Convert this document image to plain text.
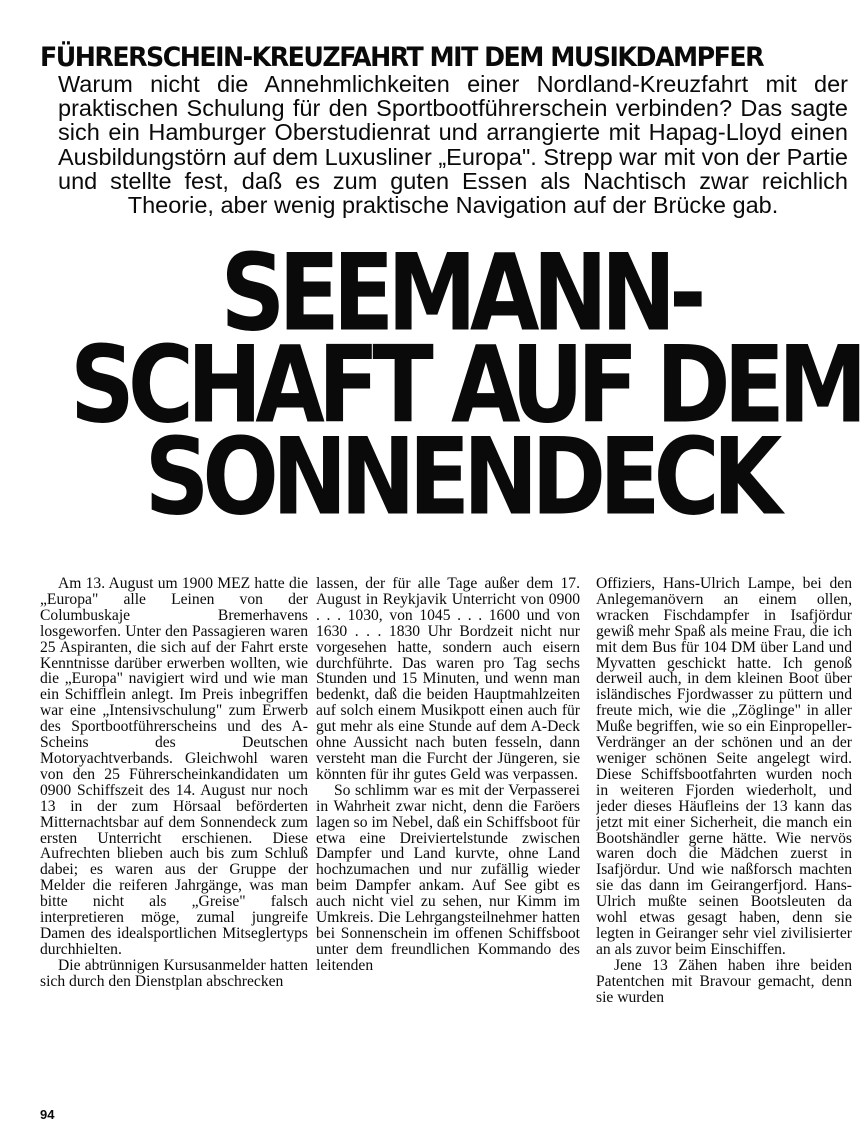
FÜHRERSCHEIN-KREUZFAHRT MIT DEM MUSIKDAMPFER
Warum nicht die Annehmlichkeiten einer Nordland-Kreuzfahrt mit der praktischen Schulung für den Sportbootführerschein verbinden? Das sagte sich ein Hamburger Oberstudienrat und arrangierte mit Hapag-Lloyd einen Ausbildungstörn auf dem Luxusliner „Europa". Strepp war mit von der Partie und stellte fest, daß es zum guten Essen als Nachtisch zwar reichlich Theorie, aber wenig praktische Navigation auf der Brücke gab.
SEEMANN-
SCHAFT AUF DEM
SONNENDECK

Am 13. August um 1900 MEZ hatte die „Europa" alle Leinen von der Columbuskaje Bremerhavens losgeworfen. Unter den Passagieren waren 25 Aspiranten, die sich auf der Fahrt erste Kenntnisse darüber erwerben wollten, wie die „Europa" navigiert wird und wie man ein Schifflein anlegt. Im Preis inbegriffen war eine „Intensivschulung" zum Erwerb des Sportbootführerscheins und des A-Scheins des Deutschen Motoryachtverbands. Gleichwohl waren von den 25 Führerscheinkandidaten um 0900 Schiffszeit des 14. August nur noch 13 in der zum Hörsaal beförderten Mitternachtsbar auf dem Sonnendeck zum ersten Unterricht erschienen. Diese Aufrechten blieben auch bis zum Schluß dabei; es waren aus der Gruppe der Melder die reiferen Jahrgänge, was man bitte nicht als „Greise" falsch interpretieren möge, zumal jungreife Damen des idealsportlichen Mitseglertyps durchhielten.

Die abtrünnigen Kursusanmelder hatten sich durch den Dienstplan abschrecken

lassen, der für alle Tage außer dem 17. August in Reykjavik Unterricht von 0900 . . . 1030, von 1045 . . . 1600 und von 1630 . . . 1830 Uhr Bordzeit nicht nur vorgesehen hatte, sondern auch eisern durchführte. Das waren pro Tag sechs Stunden und 15 Minuten, und wenn man bedenkt, daß die beiden Hauptmahlzeiten auf solch einem Musikpott einen auch für gut mehr als eine Stunde auf dem A-Deck ohne Aussicht nach buten fesseln, dann versteht man die Furcht der Jüngeren, sie könnten für ihr gutes Geld was verpassen.

So schlimm war es mit der Verpasserei in Wahrheit zwar nicht, denn die Faröers lagen so im Nebel, daß ein Schiffsboot für etwa eine Dreiviertelstunde zwischen Dampfer und Land kurvte, ohne Land hochzumachen und nur zufällig wieder beim Dampfer ankam. Auf See gibt es auch nicht viel zu sehen, nur Kimm im Umkreis. Die Lehrgangsteilnehmer hatten bei Sonnenschein im offenen Schiffsboot unter dem freundlichen Kommando des leitenden

Offiziers, Hans-Ulrich Lampe, bei den Anlegemanövern an einem ollen, wracken Fischdampfer in Isafjördur gewiß mehr Spaß als meine Frau, die ich mit dem Bus für 104 DM über Land und Myvatten geschickt hatte. Ich genoß derweil auch, in dem kleinen Boot über isländisches Fjordwasser zu püttern und freute mich, wie die „Zöglinge" in aller Muße begriffen, wie so ein Einpropeller-Verdränger an der schönen und an der weniger schönen Seite angelegt wird. Diese Schiffsbootfahrten wurden noch in weiteren Fjorden wiederholt, und jeder dieses Häufleins der 13 kann das jetzt mit einer Sicherheit, die manch ein Bootshändler gerne hätte. Wie nervös waren doch die Mädchen zuerst in Isafjördur. Und wie naßforsch machten sie das dann im Geirangerfjord. Hans-Ulrich mußte seinen Bootsleuten da wohl etwas gesagt haben, denn sie legten in Geiranger sehr viel zivilisierter an als zuvor beim Einschiffen.

Jene 13 Zähen haben ihre beiden Patentchen mit Bravour gemacht, denn sie wurden

94
